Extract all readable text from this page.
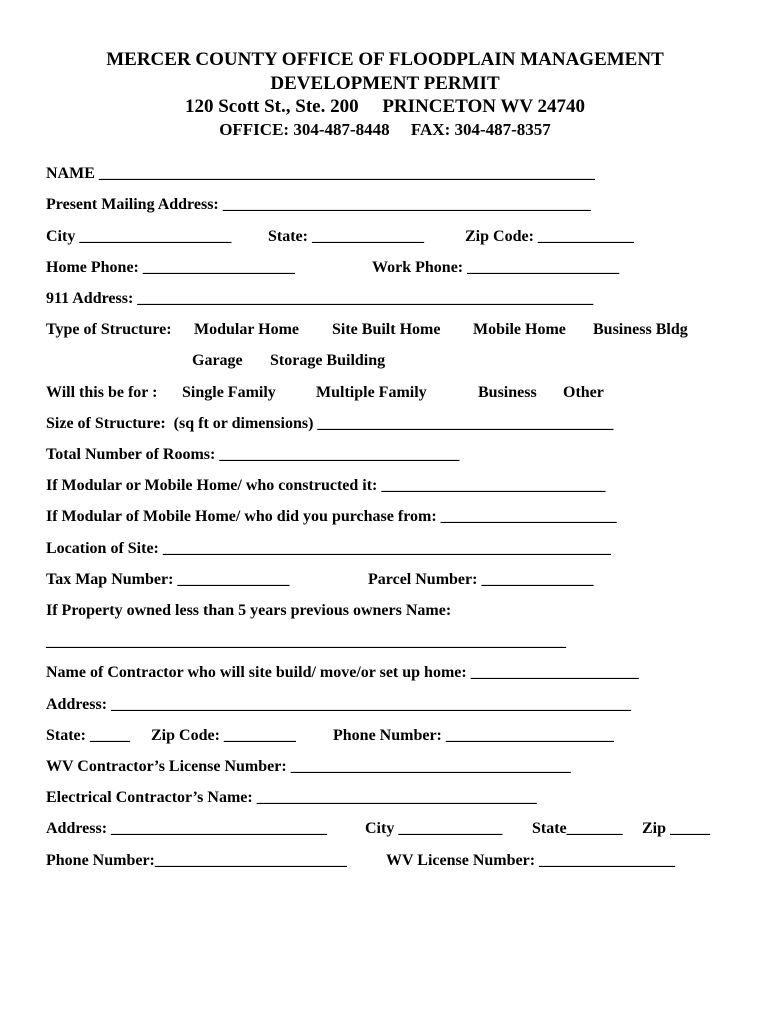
MERCER COUNTY OFFICE OF FLOODPLAIN MANAGEMENT
DEVELOPMENT PERMIT
120 Scott St., Ste. 200     PRINCETON WV 24740
OFFICE: 304-487-8448     FAX: 304-487-8357
NAME ______________________________________________________________
Present Mailing Address: ______________________________________________
City ___________________ State: ______________	Zip Code: ____________
Home Phone: ___________________	Work Phone: ___________________
911 Address: _________________________________________________________
Type of Structure: Modular Home Site Built Home Mobile Home Business Bldg
Garage Storage Building
Will this be for : Single Family	Multiple Family	Business Other
Size of Structure:  (sq ft or dimensions) _____________________________________
Total Number of Rooms: ______________________________
If Modular or Mobile Home/ who constructed it: ____________________________
If Modular of Mobile Home/ who did you purchase from: ______________________
Location of Site: ________________________________________________________
Tax Map Number: ______________	Parcel Number: ______________
If Property owned less than 5 years previous owners Name:
_________________________________________________________________
Name of Contractor who will site build/ move/or set up home: _____________________
Address: _________________________________________________________________
State: _____ Zip Code: _________ Phone Number: _____________________
WV Contractor’s License Number: ___________________________________
Electrical Contractor’s Name: ___________________________________
Address: ___________________________ City _____________ State_______ Zip _____
Phone Number:________________________ WV License Number: _________________
